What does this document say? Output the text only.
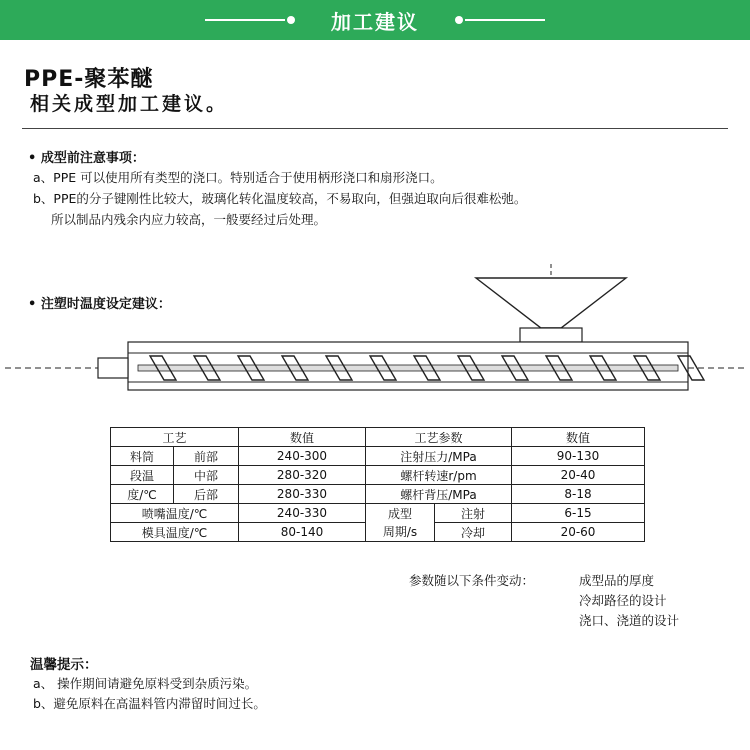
加工建议
PPE-聚苯醚
相关成型加工建议。
• 成型前注意事项：
a、PPE 可以使用所有类型的浇口。特别适合于使用柄形浇口和扇形浇口。
b、PPE的分子键刚性比较大，玻璃化转化温度较高，不易取向，但强迫取向后很难松弛。
所以制品内残余内应力较高，一般要经过后处理。
• 注塑时温度设定建议：
工艺		数值	工艺参数		数值
料筒	前部	240-300	注射压力/MPa		90-130
段温	中部	280-320	螺杆转速r/pm		20-40
度/℃	后部	280-330	螺杆背压/MPa		8-18
喷嘴温度/℃		240-330	成型	注射	6-15
模具温度/℃		80-140	周期/s	冷却	20-60
参数随以下条件变动：	成型品的厚度
冷却路径的设计
浇口、浇道的设计
温馨提示：
a、 操作期间请避免原料受到杂质污染。
b、避免原料在高温料管内滞留时间过长。
